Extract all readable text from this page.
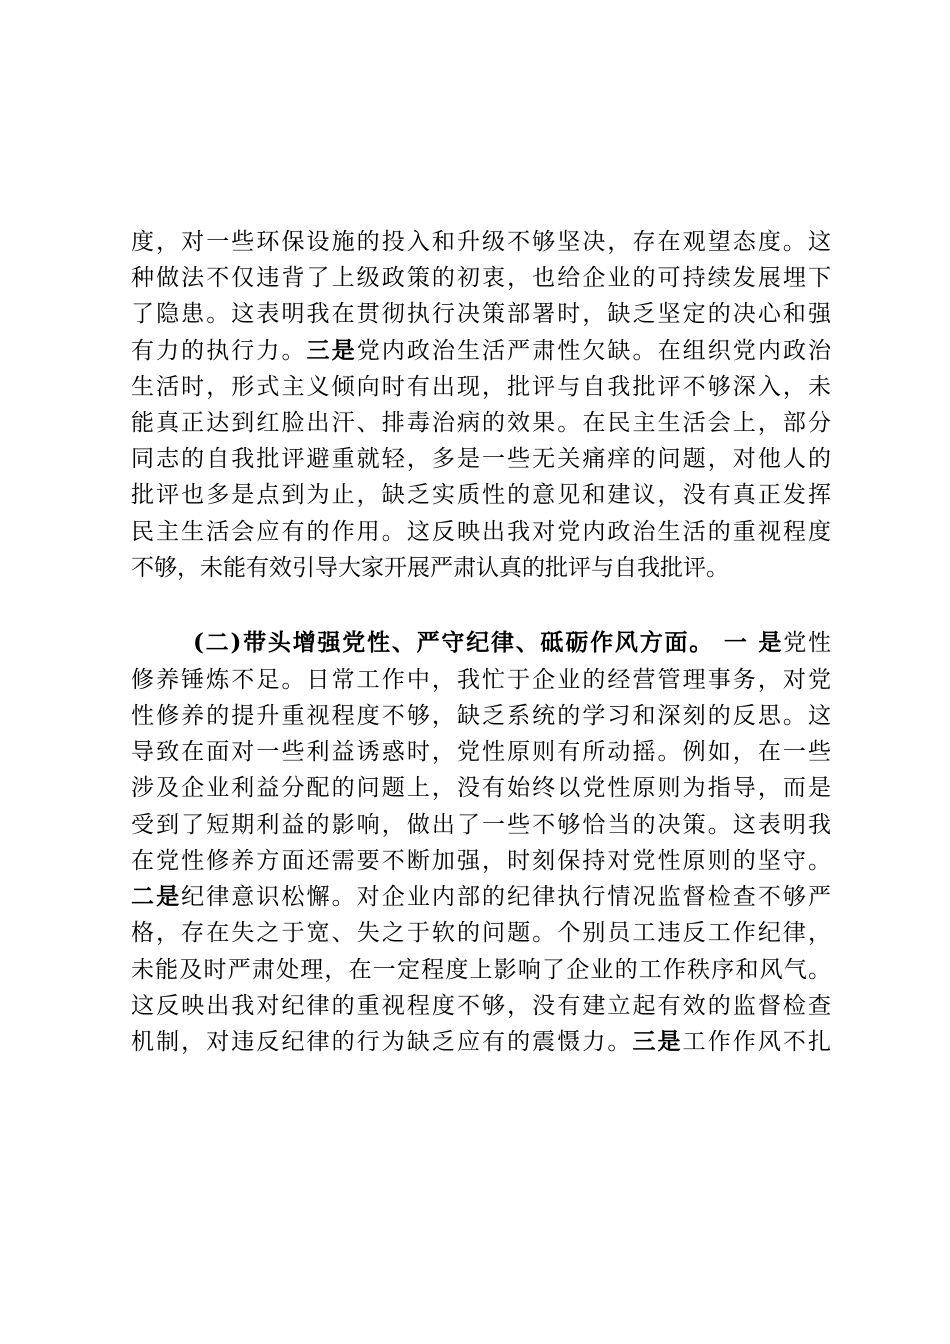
度，对一些环保设施的投入和升级不够坚决，存在观望态度。这
种做法不仅违背了上级政策的初衷，也给企业的可持续发展埋下
了隐患。这表明我在贯彻执行决策部署时，缺乏坚定的决心和强
有力的执行力。三是党内政治生活严肃性欠缺。在组织党内政治
生活时，形式主义倾向时有出现，批评与自我批评不够深入，未
能真正达到红脸出汗、排毒治病的效果。在民主生活会上，部分
同志的自我批评避重就轻，多是一些无关痛痒的问题，对他人的
批评也多是点到为止，缺乏实质性的意见和建议，没有真正发挥
民主生活会应有的作用。这反映出我对党内政治生活的重视程度
不够，未能有效引导大家开展严肃认真的批评与自我批评。
(二)带头增强党性、严守纪律、砥砺作风方面。 一 是党性
修养锤炼不足。日常工作中，我忙于企业的经营管理事务，对党
性修养的提升重视程度不够，缺乏系统的学习和深刻的反思。这
导致在面对一些利益诱惑时，党性原则有所动摇。例如，在一些
涉及企业利益分配的问题上，没有始终以党性原则为指导，而是
受到了短期利益的影响，做出了一些不够恰当的决策。这表明我
在党性修养方面还需要不断加强，时刻保持对党性原则的坚守。
二是纪律意识松懈。对企业内部的纪律执行情况监督检查不够严
格，存在失之于宽、失之于软的问题。个别员工违反工作纪律，
未能及时严肃处理，在一定程度上影响了企业的工作秩序和风气。
这反映出我对纪律的重视程度不够，没有建立起有效的监督检查
机制，对违反纪律的行为缺乏应有的震慑力。三是工作作风不扎
